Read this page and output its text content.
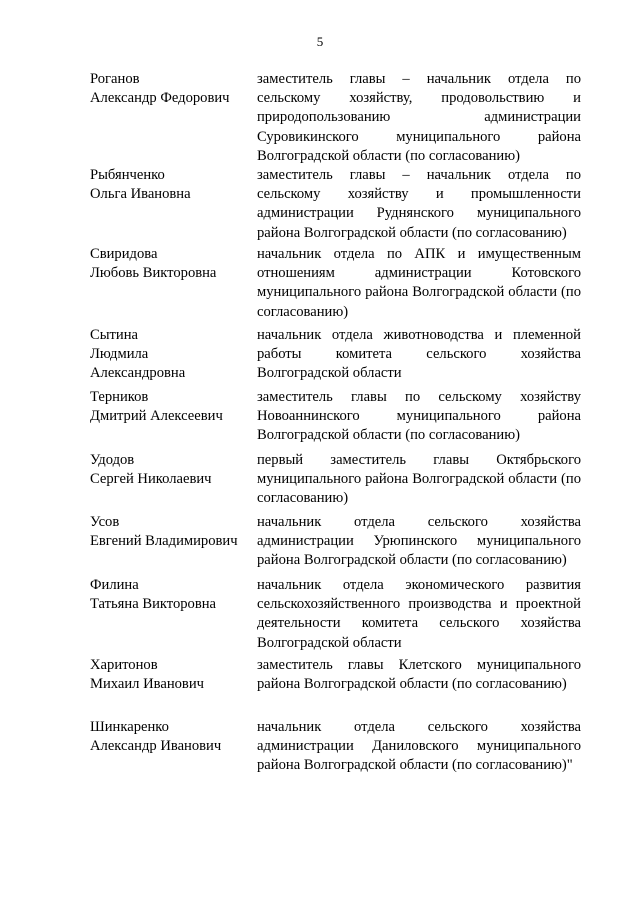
5
Роганов
Александр Федорович
заместитель главы – начальник отдела по сельскому хозяйству, продовольствию и природопользованию администрации Суровикинского муниципального района Волгоградской области (по согласованию)
Рыбянченко
Ольга Ивановна
заместитель главы – начальник отдела по сельскому хозяйству и промышленности администрации Руднянского муниципального района Волгоградской области (по согласованию)
Свиридова
Любовь Викторовна
начальник отдела по АПК и имущественным отношениям администрации Котовского муниципального района Волгоградской области (по согласованию)
Сытина
Людмила
Александровна
начальник отдела животноводства и племенной работы комитета сельского хозяйства Волгоградской области
Терников
Дмитрий Алексеевич
заместитель главы по сельскому хозяйству Новоаннинского муниципального района Волгоградской области (по согласованию)
Удодов
Сергей Николаевич
первый заместитель главы Октябрьского муниципального района Волгоградской области (по согласованию)
Усов
Евгений Владимирович
начальник отдела сельского хозяйства администрации Урюпинского муниципального района Волгоградской области (по согласованию)
Филина
Татьяна Викторовна
начальник отдела экономического развития сельскохозяйственного производства и проектной деятельности комитета сельского хозяйства Волгоградской области
Харитонов
Михаил Иванович
заместитель главы Клетского муниципального района Волгоградской области (по согласованию)
Шинкаренко
Александр Иванович
начальник отдела сельского хозяйства администрации Даниловского муниципального района Волгоградской области (по согласованию)"
